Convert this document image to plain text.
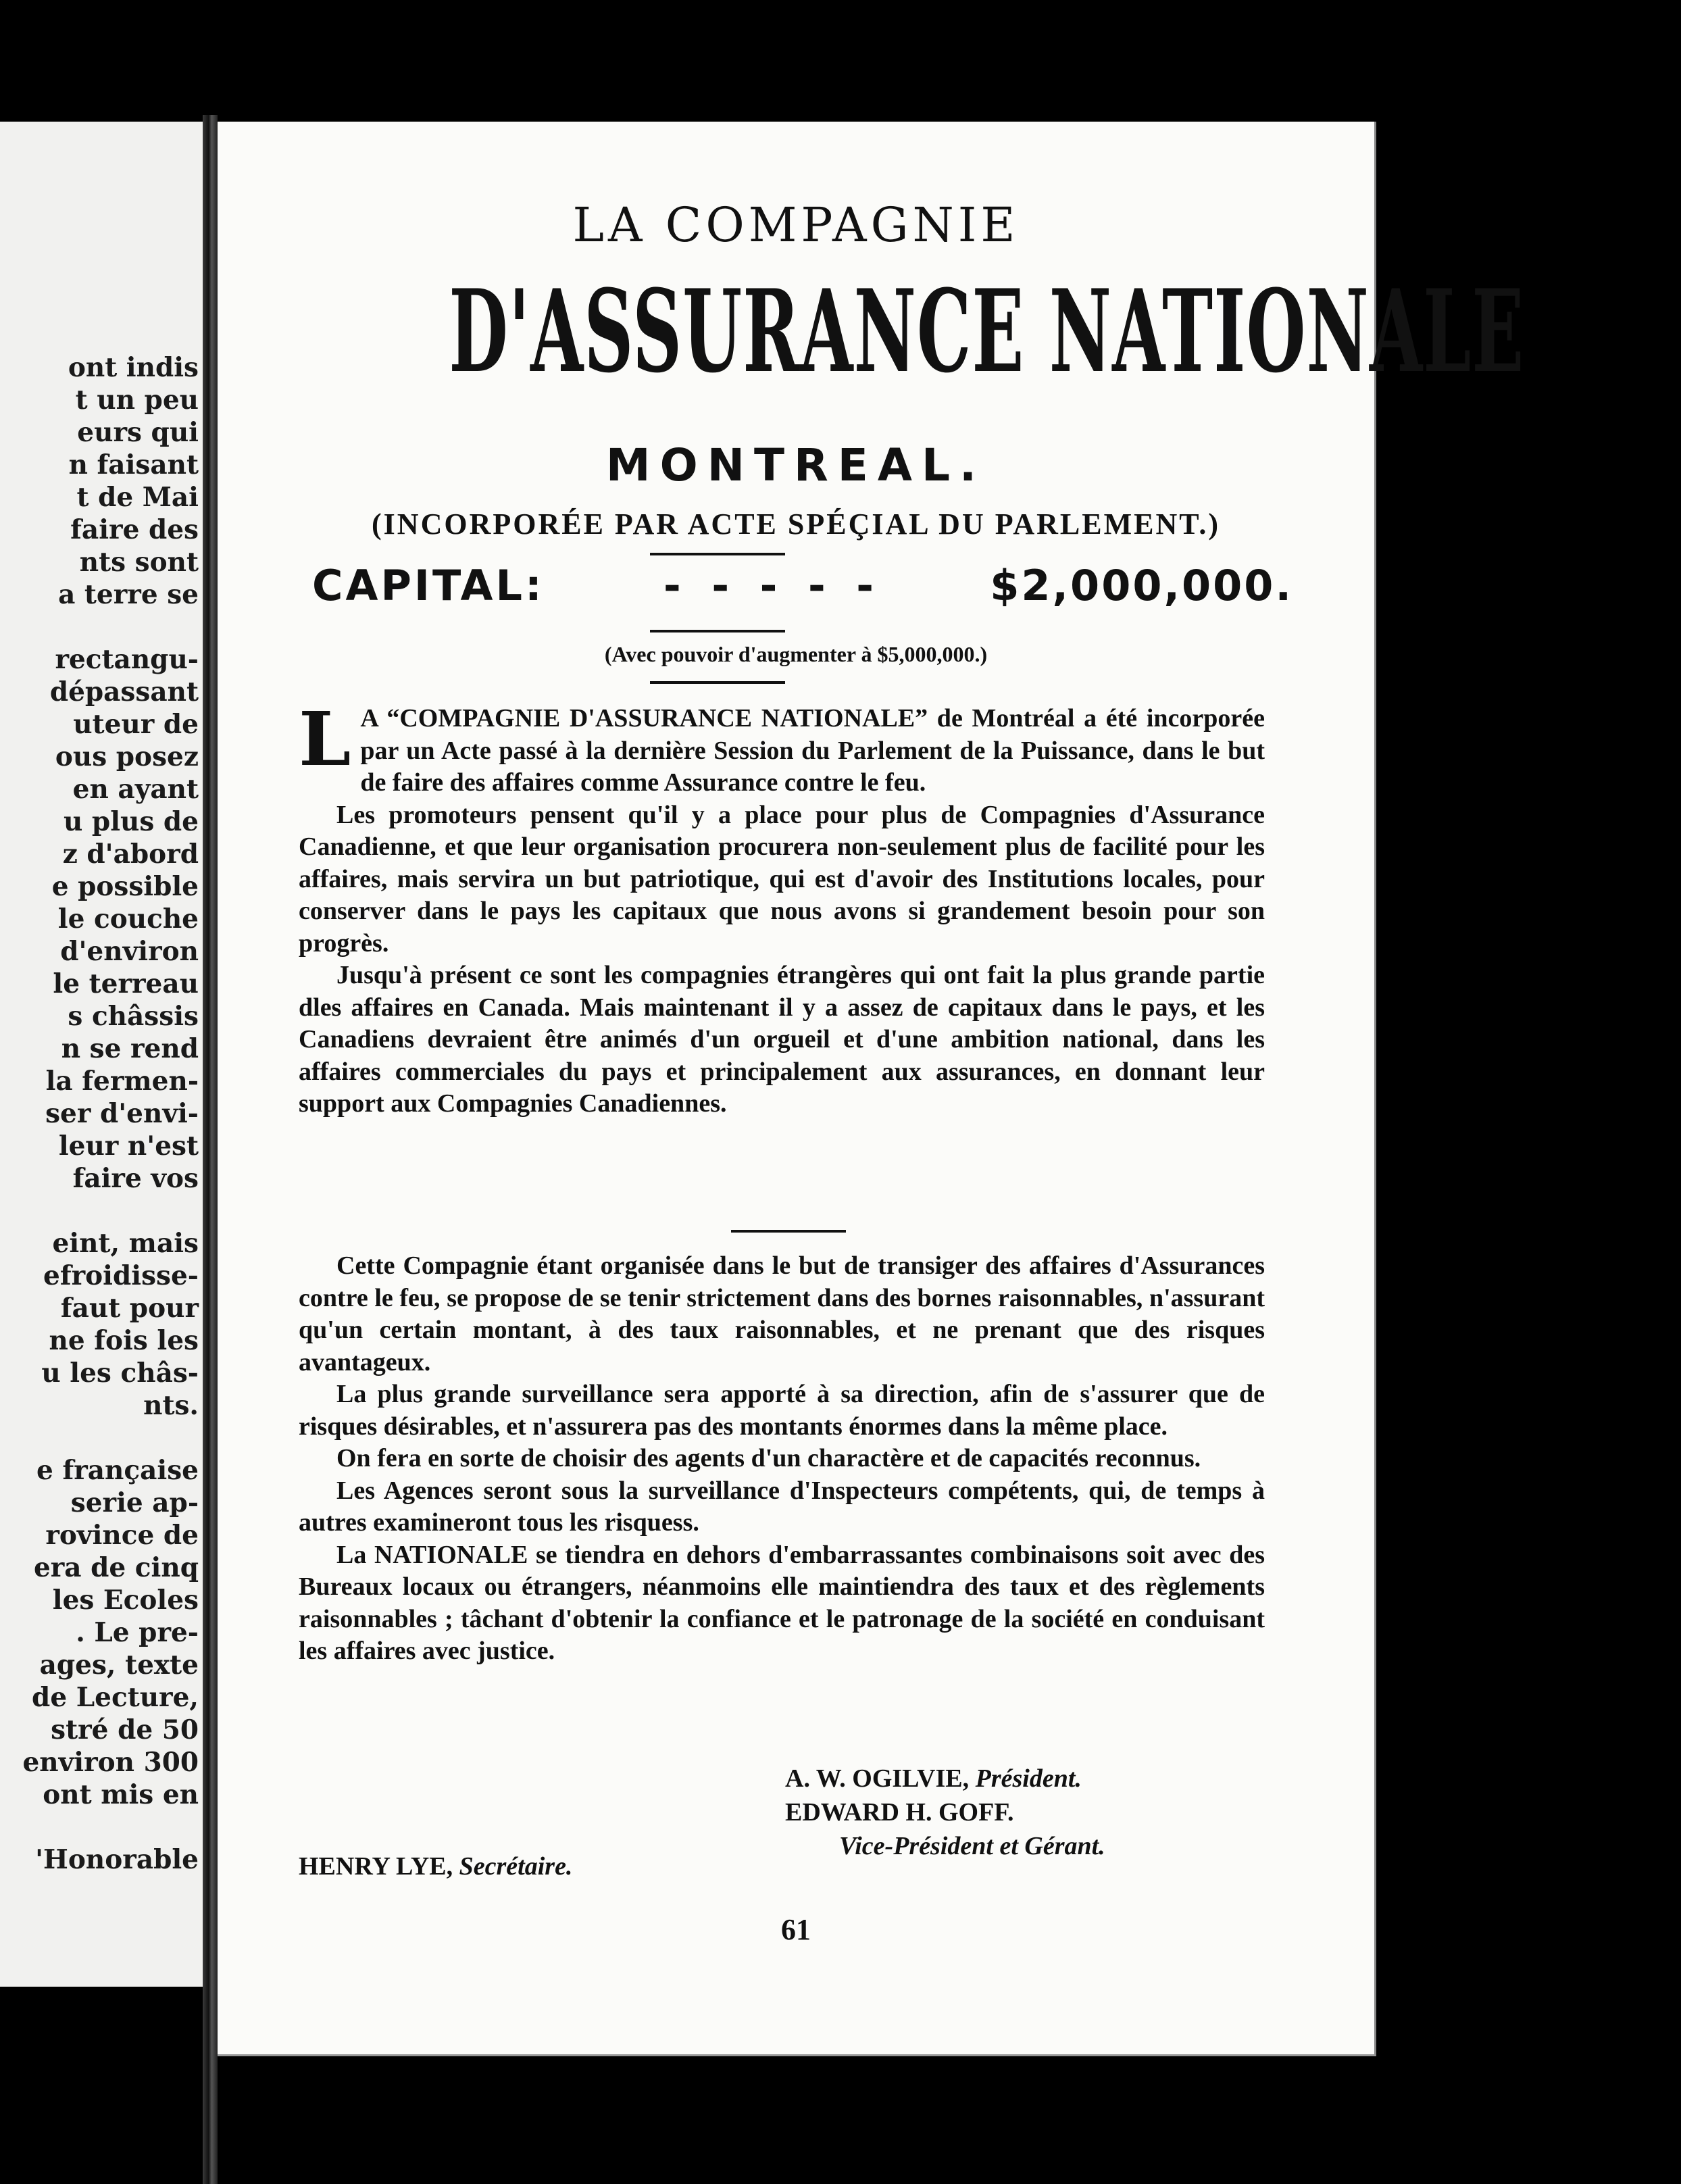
ont indis
t un peu
eurs qui
n faisant
t de Mai
faire des
nts sont
a terre se
rectangu-
dépassant
uteur de
ous posez
en ayant
u plus de
z d'abord
e possible
le couche
d'environ
le terreau
s châssis
n se rend
la fermen-
ser d'envi-
leur n'est
faire vos
eint, mais
efroidisse-
faut pour
ne fois les
u les châs-
nts.
e française
serie ap-
rovince de
era de cinq
les Ecoles
. Le pre-
ages, texte
de Lecture,
stré de 50
environ 300
ont mis en
'Honorable
LA COMPAGNIE
D'ASSURANCE NATIONALE
MONTREAL.
(INCORPORÉE PAR ACTE SPÉÇIAL DU PARLEMENT.)
CAPITAL:	- - - - -	$2,000,000.
(Avec pouvoir d'augmenter à $5,000,000.)

L A “COMPAGNIE D'ASSURANCE NATIONALE” de Montréal a été incorporée par un Acte passé à la dernière Session du Parlement de la Puissance, dans le but de faire des affaires comme Assurance contre le feu.

Les promoteurs pensent qu'il y a place pour plus de Compagnies d'Assurance Canadienne, et que leur organisation procurera non-seulement plus de facilité pour les affaires, mais servira un but patriotique, qui est d'avoir des Institutions locales, pour conserver dans le pays les capitaux que nous avons si grandement besoin pour son progrès.

Jusqu'à présent ce sont les compagnies étrangères qui ont fait la plus grande partie dles affaires en Canada. Mais maintenant il y a assez de capitaux dans le pays, et les Canadiens devraient être animés d'un orgueil et d'une ambition national, dans les affaires commerciales du pays et principalement aux assurances, en donnant leur support aux Compagnies Canadiennes.

Cette Compagnie étant organisée dans le but de transiger des affaires d'Assurances contre le feu, se propose de se tenir strictement dans des bornes raisonnables, n'assurant qu'un certain montant, à des taux raisonnables, et ne prenant que des risques avantageux.

La plus grande surveillance sera apporté à sa direction, afin de s'assurer que de risques désirables, et n'assurera pas des montants énormes dans la même place.

On fera en sorte de choisir des agents d'un charactère et de capacités reconnus.

Les Agences seront sous la surveillance d'Inspecteurs compétents, qui, de temps à autres examineront tous les risquess.

La NATIONALE se tiendra en dehors d'embarrassantes combinaisons soit avec des Bureaux locaux ou étrangers, néanmoins elle maintiendra des taux et des règlements raisonnables ; tâchant d'obtenir la confiance et le patronage de la société en conduisant les affaires avec justice.

A. W. OGILVIE, Président.
EDWARD H. GOFF.
Vice-Président et Gérant.
HENRY LYE, Secrétaire.
61
